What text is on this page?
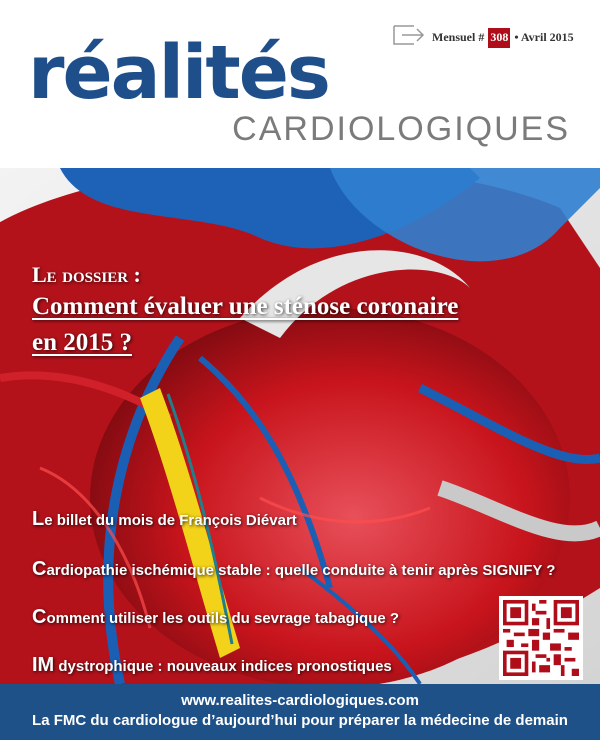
Mensuel # 308 • Avril 2015
réalités
CARDIOLOGIQUES
Le dossier :
Comment évaluer une sténose coronaire
en 2015 ?
Le billet du mois de François Diévart
Cardiopathie ischémique stable : quelle conduite à tenir après SIGNIFY ?
Comment utiliser les outils du sevrage tabagique ?
IM dystrophique : nouveaux indices pronostiques
www.realites-cardiologiques.com
La FMC du cardiologue d’aujourd’hui pour préparer la médecine de demain
